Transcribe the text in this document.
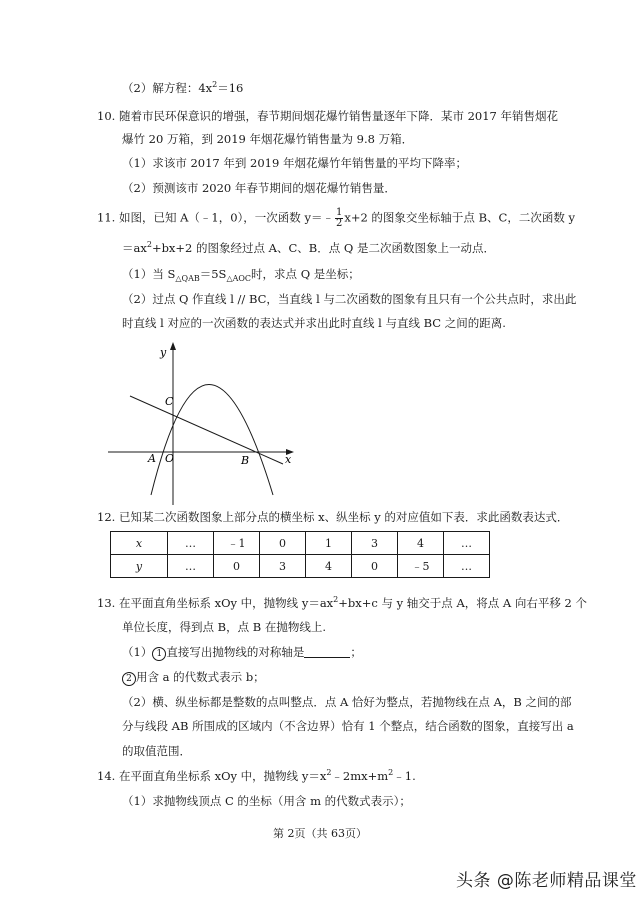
（2）解方程：$4x^2=16$
10. 随着市民环保意识的增强，春节期间烟花爆竹销售量逐年下降．某市 2017 年销售烟花
爆竹 20 万箱，到 2019 年烟花爆竹销售量为 9.8 万箱．
（1）求该市 2017 年到 2019 年烟花爆竹年销售量的平均下降率；
（2）预测该市 2020 年春节期间的烟花爆竹销售量．
11. 如图，已知 A（﹣1，0），一次函数 y＝﹣ $\frac{1}{2} x+2$ 的图象交坐标轴于点 B、C，二次函数 y
$=ax^2+bx+2$ 的图象经过点 A、C、B．点 Q 是二次函数图象上一动点．
（1）当 $S_{\triangle QAB}=5S_{\triangle AOC}$时，求点 Q 是坐标；
（2）过点 Q 作直线 l // BC，当直线 l 与二次函数的图象有且只有一个公共点时，求出此
时直线 l 对应的一次函数的表达式并求出此时直线 l 与直线 BC 之间的距离.
y
x
C
A O	B
12. 已知某二次函数图象上部分点的横坐标 x、纵坐标 y 的对应值如下表．求此函数表达式．
x	…	﹣1	0	1	3	4	…
y	…	0	3	4	0	﹣5	…
13. 在平面直角坐标系 xOy 中，抛物线 $y=ax^2+bx+c$ 与 y 轴交于点 A，将点 A 向右平移 2 个
单位长度，得到点 B，点 B 在抛物线上.
（1） 1 直接写出抛物线的对称轴是	；
2 用含 a 的代数式表示 b；
（2）横、纵坐标都是整数的点叫整点．点 A 恰好为整点，若抛物线在点 A，B 之间的部
分与线段 AB 所围成的区域内（不含边界）恰有 1 个整点，结合函数的图象，直接写出 a
的取值范围．
14. 在平面直角坐标系 xOy 中，抛物线 $y=x^2﹣2mx+m^2﹣1$.
（1）求抛物线顶点 C 的坐标（用含 m 的代数式表示）；
第 2页（共 63页）
头条 @陈老师精品课堂
